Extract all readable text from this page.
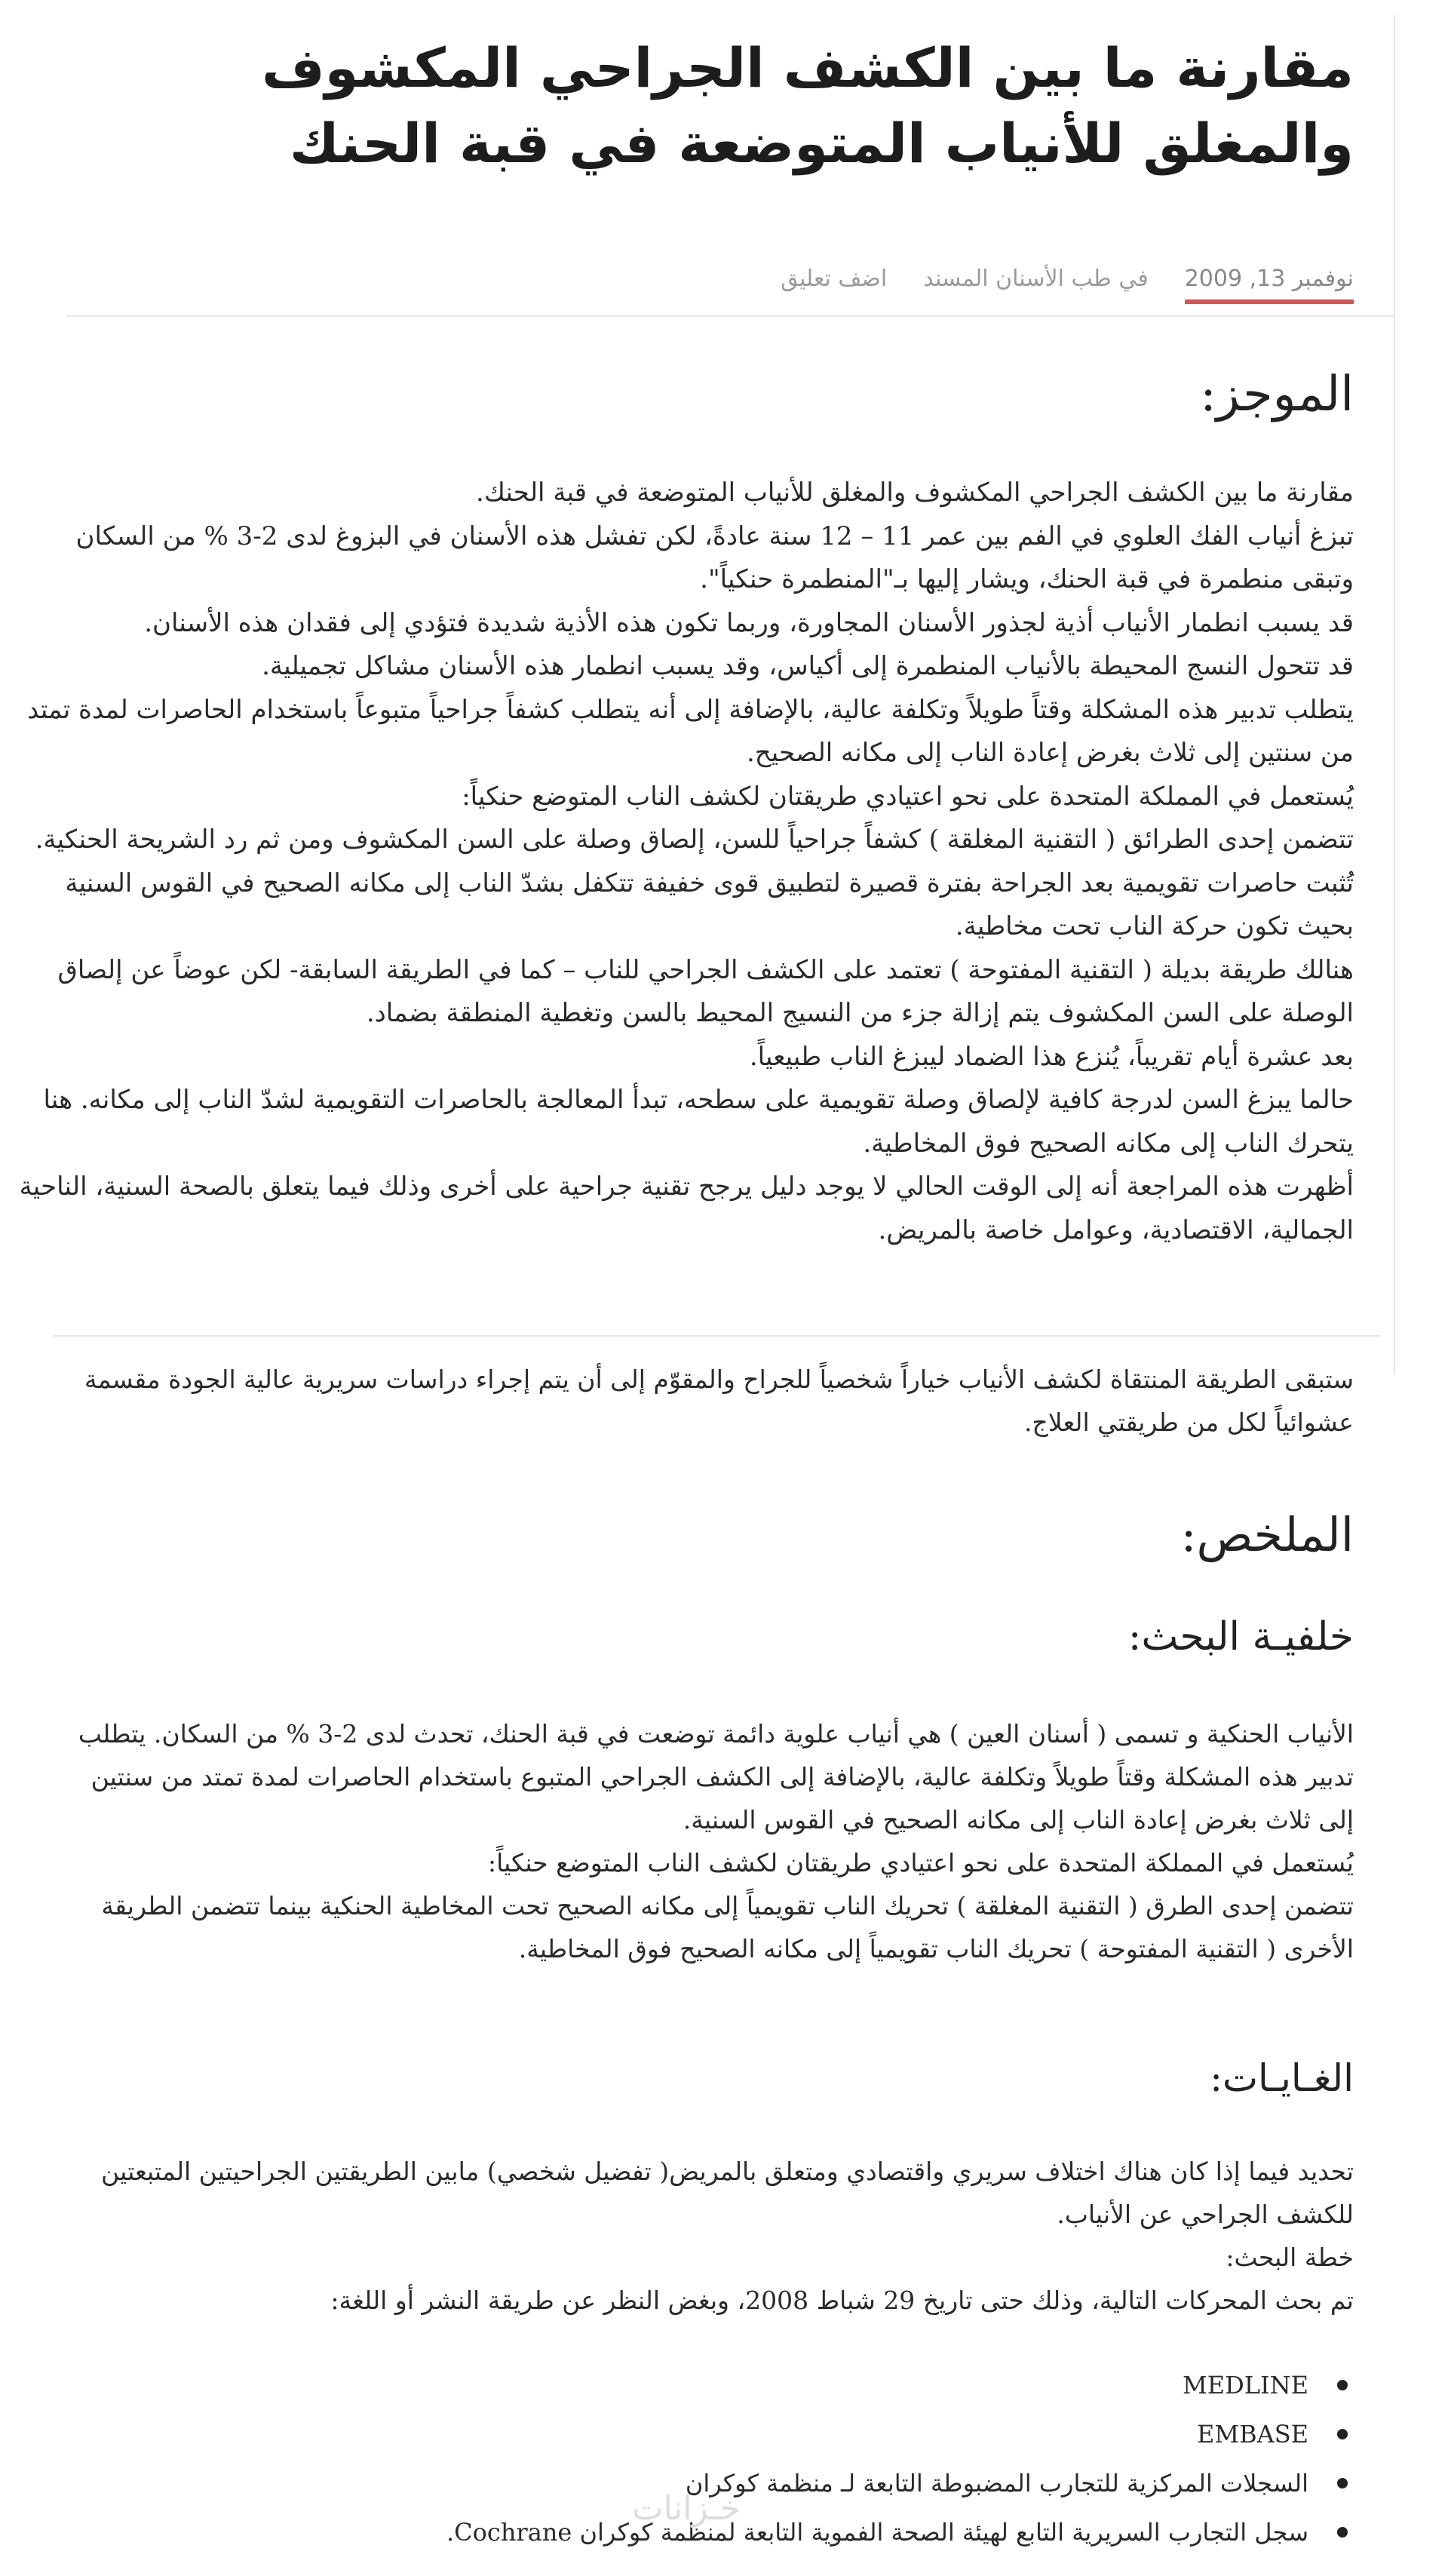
مقارنة ما بين الكشف الجراحي المكشوف
والمغلق للأنياب المتوضعة في قبة الحنك
نوفمبر 13, 2009
في طب الأسنان المسند
اضف تعليق
الموجز:

مقارنة ما بين الكشف الجراحي المكشوف والمغلق للأنياب المتوضعة في قبة الحنك.

تبزغ أنياب الفك العلوي في الفم بين عمر 11 – 12 سنة عادةً، لكن تفشل هذه الأسنان في البزوغ لدى 2-3 % من السكان وتبقى منطمرة في قبة الحنك، ويشار إليها بـ"المنطمرة حنكياً".

قد يسبب انطمار الأنياب أذية لجذور الأسنان المجاورة، وربما تكون هذه الأذية شديدة فتؤدي إلى فقدان هذه الأسنان.

قد تتحول النسج المحيطة بالأنياب المنطمرة إلى أكياس، وقد يسبب انطمار هذه الأسنان مشاكل تجميلية.

يتطلب تدبير هذه المشكلة وقتاً طويلاً وتكلفة عالية، بالإضافة إلى أنه يتطلب كشفاً جراحياً متبوعاً باستخدام الحاصرات لمدة تمتد من سنتين إلى ثلاث بغرض إعادة الناب إلى مكانه الصحيح.

يُستعمل في المملكة المتحدة على نحو اعتيادي طريقتان لكشف الناب المتوضع حنكياً:

تتضمن إحدى الطرائق ( التقنية المغلقة ) كشفاً جراحياً للسن، إلصاق وصلة على السن المكشوف ومن ثم رد الشريحة الحنكية.

تُثبت حاصرات تقويمية بعد الجراحة بفترة قصيرة لتطبيق قوى خفيفة تتكفل بشدّ الناب إلى مكانه الصحيح في القوس السنية بحيث تكون حركة الناب تحت مخاطية.

هنالك طريقة بديلة ( التقنية المفتوحة ) تعتمد على الكشف الجراحي للناب – كما في الطريقة السابقة- لكن عوضاً عن إلصاق الوصلة على السن المكشوف يتم إزالة جزء من النسيج المحيط بالسن وتغطية المنطقة بضماد.

بعد عشرة أيام تقريباً، يُنزع هذا الضماد ليبزغ الناب طبيعياً.

حالما يبزغ السن لدرجة كافية لإلصاق وصلة تقويمية على سطحه، تبدأ المعالجة بالحاصرات التقويمية لشدّ الناب إلى مكانه. هنا يتحرك الناب إلى مكانه الصحيح فوق المخاطية.

أظهرت هذه المراجعة أنه إلى الوقت الحالي لا يوجد دليل يرجح تقنية جراحية على أخرى وذلك فيما يتعلق بالصحة السنية، الناحية الجمالية، الاقتصادية، وعوامل خاصة بالمريض.

ستبقى الطريقة المنتقاة لكشف الأنياب خياراً شخصياً للجراح والمقوّم إلى أن يتم إجراء دراسات سريرية عالية الجودة مقسمة عشوائياً لكل من طريقتي العلاج.

الملخص:
خلفيـة البحث:

الأنياب الحنكية و تسمى ( أسنان العين ) هي أنياب علوية دائمة توضعت في قبة الحنك، تحدث لدى 2-3 % من السكان. يتطلب تدبير هذه المشكلة وقتاً طويلاً وتكلفة عالية، بالإضافة إلى الكشف الجراحي المتبوع باستخدام الحاصرات لمدة تمتد من سنتين إلى ثلاث بغرض إعادة الناب إلى مكانه الصحيح في القوس السنية.

يُستعمل في المملكة المتحدة على نحو اعتيادي طريقتان لكشف الناب المتوضع حنكياً:

تتضمن إحدى الطرق ( التقنية المغلقة ) تحريك الناب تقويمياً إلى مكانه الصحيح تحت المخاطية الحنكية بينما تتضمن الطريقة الأخرى ( التقنية المفتوحة ) تحريك الناب تقويمياً إلى مكانه الصحيح فوق المخاطية.

الغـايـات:

تحديد فيما إذا كان هناك اختلاف سريري واقتصادي ومتعلق بالمريض( تفضيل شخصي) مابين الطريقتين الجراحيتين المتبعتين للكشف الجراحي عن الأنياب.

خطة البحث:

تم بحث المحركات التالية، وذلك حتى تاريخ 29 شباط 2008، وبغض النظر عن طريقة النشر أو اللغة:

MEDLINE
EMBASE
السجلات المركزية للتجارب المضبوطة التابعة لـ منظمة كوكران
سجل التجارب السريرية التابع لهيئة الصحة الفموية التابعة لمنظمة كوكران Cochrane.
خـزانات
